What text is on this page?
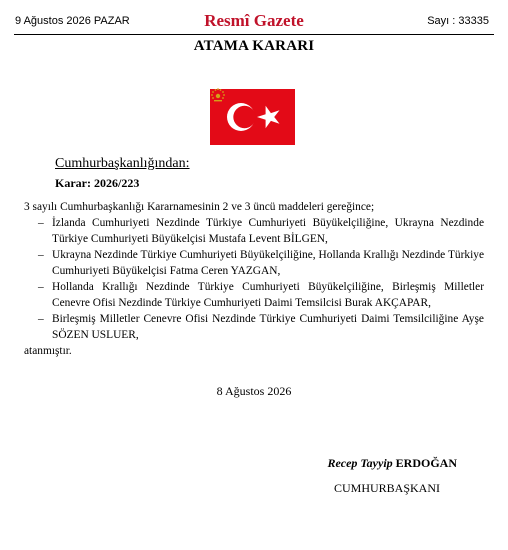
9 Ağustos 2026 PAZAR	Resmî Gazete	Sayı : 33335
ATAMA KARARI
Cumhurbaşkanlığından:
Karar: 2026/223

3 sayılı Cumhurbaşkanlığı Kararnamesinin 2 ve 3 üncü maddeleri gereğince;

– İzlanda Cumhuriyeti Nezdinde Türkiye Cumhuriyeti Büyükelçiliğine, Ukrayna Nezdinde Türkiye Cumhuriyeti Büyükelçisi Mustafa Levent BİLGEN,

– Ukrayna Nezdinde Türkiye Cumhuriyeti Büyükelçiliğine, Hollanda Krallığı Nezdinde Türkiye Cumhuriyeti Büyükelçisi Fatma Ceren YAZGAN,

– Hollanda Krallığı Nezdinde Türkiye Cumhuriyeti Büyükelçiliğine, Birleşmiş Milletler Cenevre Ofisi Nezdinde Türkiye Cumhuriyeti Daimi Temsilcisi Burak AKÇAPAR,

– Birleşmiş Milletler Cenevre Ofisi Nezdinde Türkiye Cumhuriyeti Daimi Temsilciliğine Ayşe SÖZEN USLUER,

atanmıştır.

8 Ağustos 2026
Recep Tayyip ERDOĞAN
CUMHURBAŞKANI
